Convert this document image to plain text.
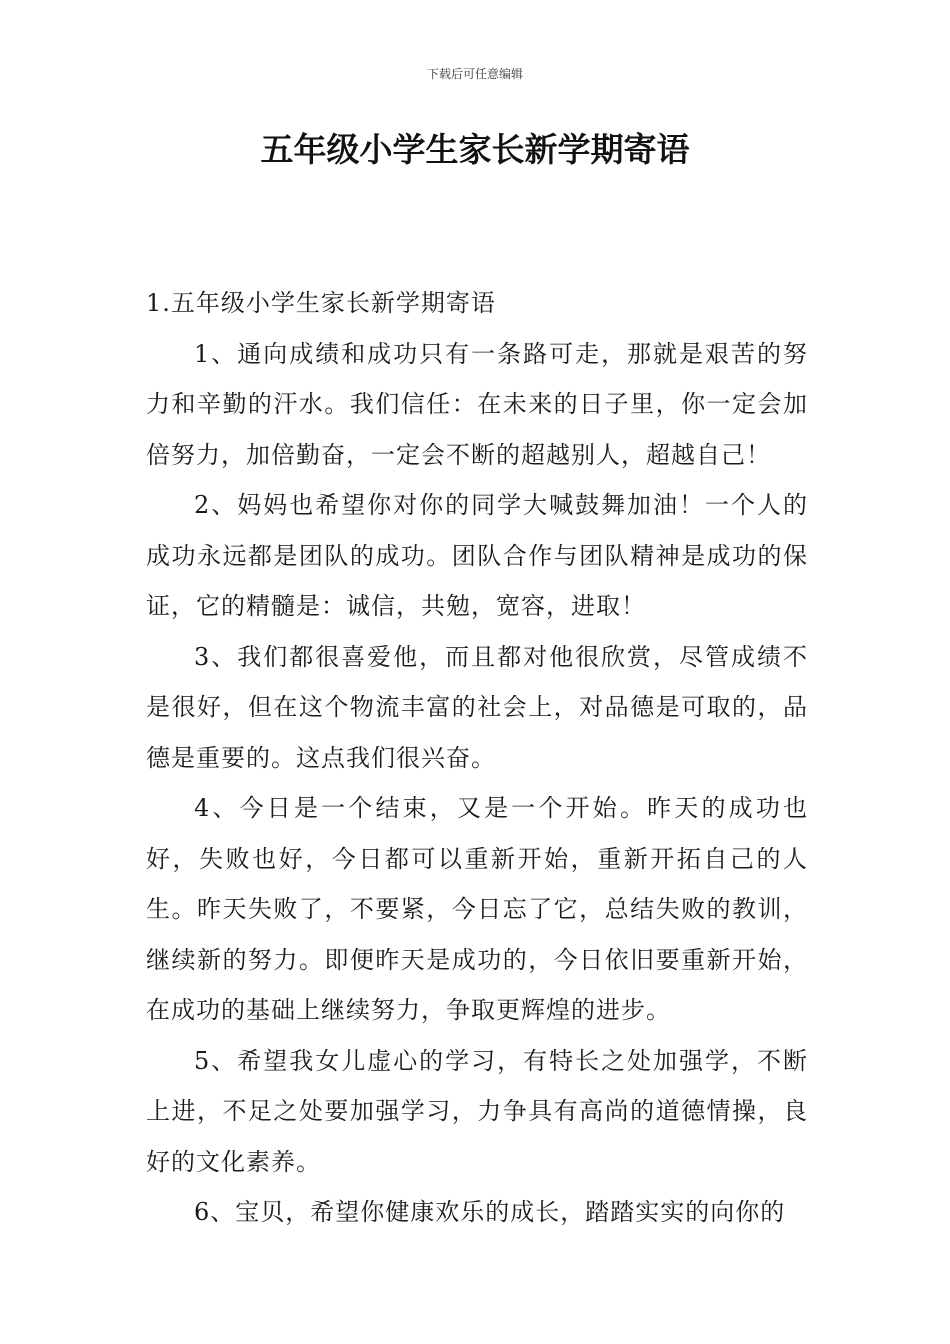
下载后可任意编辑
五年级小学生家长新学期寄语

1.五年级小学生家长新学期寄语

1、通向成绩和成功只有一条路可走，那就是艰苦的努力和辛勤的汗水。我们信任：在未来的日子里，你一定会加倍努力，加倍勤奋，一定会不断的超越别人，超越自己！

2、妈妈也希望你对你的同学大喊鼓舞加油！一个人的成功永远都是团队的成功。团队合作与团队精神是成功的保证，它的精髓是：诚信，共勉，宽容，进取！

3、我们都很喜爱他，而且都对他很欣赏，尽管成绩不是很好，但在这个物流丰富的社会上，对品德是可取的，品德是重要的。这点我们很兴奋。

4、今日是一个结束，又是一个开始。昨天的成功也好，失败也好，今日都可以重新开始，重新开拓自己的人生。昨天失败了，不要紧，今日忘了它，总结失败的教训，继续新的努力。即便昨天是成功的，今日依旧要重新开始，在成功的基础上继续努力，争取更辉煌的进步。

5、希望我女儿虚心的学习，有特长之处加强学，不断上进，不足之处要加强学习，力争具有高尚的道德情操，良好的文化素养。

6、宝贝，希望你健康欢乐的成长，踏踏实实的向你的
